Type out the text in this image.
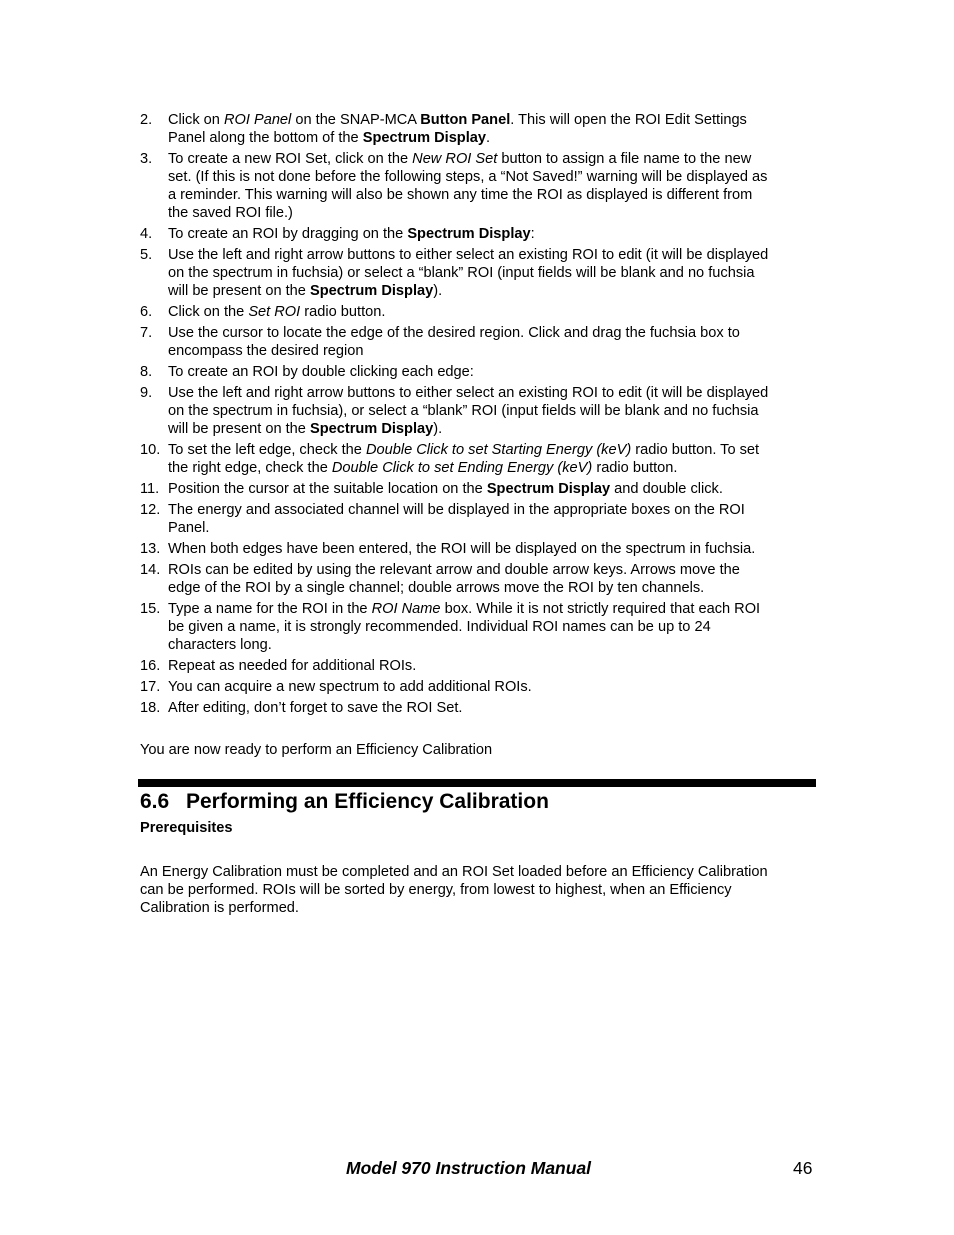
2. Click on ROI Panel on the SNAP-MCA Button Panel. This will open the ROI Edit Settings
Panel along the bottom of the Spectrum Display.
3. To create a new ROI Set, click on the New ROI Set button to assign a file name to the new
set. (If this is not done before the following steps, a “Not Saved!” warning will be displayed as
a reminder. This warning will also be shown any time the ROI as displayed is different from
the saved ROI file.)
4. To create an ROI by dragging on the Spectrum Display:
5. Use the left and right arrow buttons to either select an existing ROI to edit (it will be displayed
on the spectrum in fuchsia) or select a “blank” ROI (input fields will be blank and no fuchsia
will be present on the Spectrum Display).
6. Click on the Set ROI radio button.
7. Use the cursor to locate the edge of the desired region. Click and drag the fuchsia box to
encompass the desired region
8. To create an ROI by double clicking each edge:
9. Use the left and right arrow buttons to either select an existing ROI to edit (it will be displayed
on the spectrum in fuchsia), or select a “blank” ROI (input fields will be blank and no fuchsia
will be present on the Spectrum Display).
10. To set the left edge, check the Double Click to set Starting Energy (keV) radio button. To set
the right edge, check the Double Click to set Ending Energy (keV) radio button.
11. Position the cursor at the suitable location on the Spectrum Display and double click.
12. The energy and associated channel will be displayed in the appropriate boxes on the ROI
Panel.
13. When both edges have been entered, the ROI will be displayed on the spectrum in fuchsia.
14. ROIs can be edited by using the relevant arrow and double arrow keys. Arrows move the
edge of the ROI by a single channel; double arrows move the ROI by ten channels.
15. Type a name for the ROI in the ROI Name box. While it is not strictly required that each ROI
be given a name, it is strongly recommended. Individual ROI names can be up to 24
characters long.
16. Repeat as needed for additional ROIs.
17. You can acquire a new spectrum to add additional ROIs.
18. After editing, don’t forget to save the ROI Set.
You are now ready to perform an Efficiency Calibration
6.6 Performing an Efficiency Calibration
Prerequisites
An Energy Calibration must be completed and an ROI Set loaded before an Efficiency Calibration
can be performed. ROIs will be sorted by energy, from lowest to highest, when an Efficiency
Calibration is performed.
Model 970 Instruction Manual	46
